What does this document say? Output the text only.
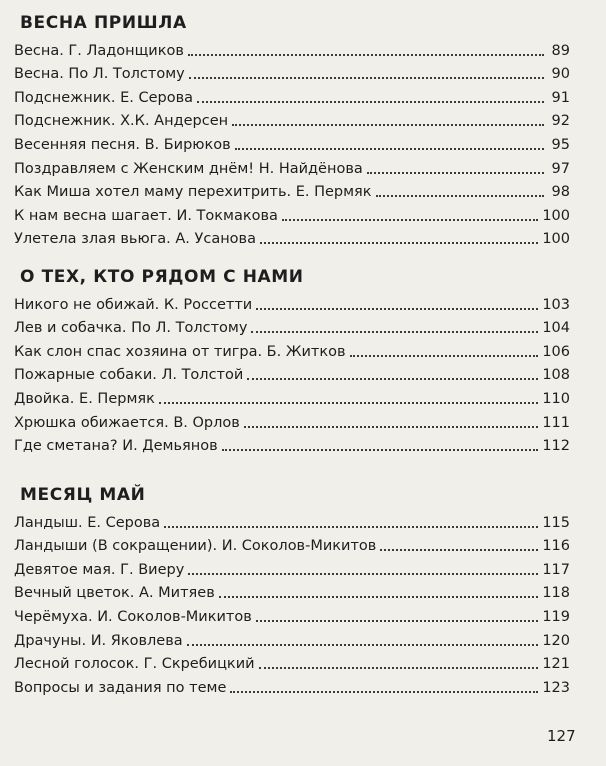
ВЕСНА ПРИШЛА
Весна. Г. Ладонщиков	89
Весна. По Л. Толстому	90
Подснежник. Е. Серова	91
Подснежник. Х.К. Андерсен	92
Весенняя песня. В. Бирюков	95
Поздравляем с Женским днём! Н. Найдёнова	97
Как Миша хотел маму перехитрить. Е. Пермяк	98
К нам весна шагает. И. Токмакова	100
Улетела злая вьюга. А. Усанова	100
О ТЕХ, КТО РЯДОМ С НАМИ
Никого не обижай. К. Россетти	103
Лев и собачка. По Л. Толстому	104
Как слон спас хозяина от тигра. Б. Житков	106
Пожарные собаки. Л. Толстой	108
Двойка. Е. Пермяк	110
Хрюшка обижается. В. Орлов	111
Где сметана? И. Демьянов	112
МЕСЯЦ МАЙ
Ландыш. Е. Серова	115
Ландыши (В сокращении). И. Соколов-Микитов	116
Девятое мая. Г. Виеру	117
Вечный цветок. А. Митяев	118
Черёмуха. И. Соколов-Микитов	119
Драчуны. И. Яковлева	120
Лесной голосок. Г. Скребицкий	121
Вопросы и задания по теме	123
127
